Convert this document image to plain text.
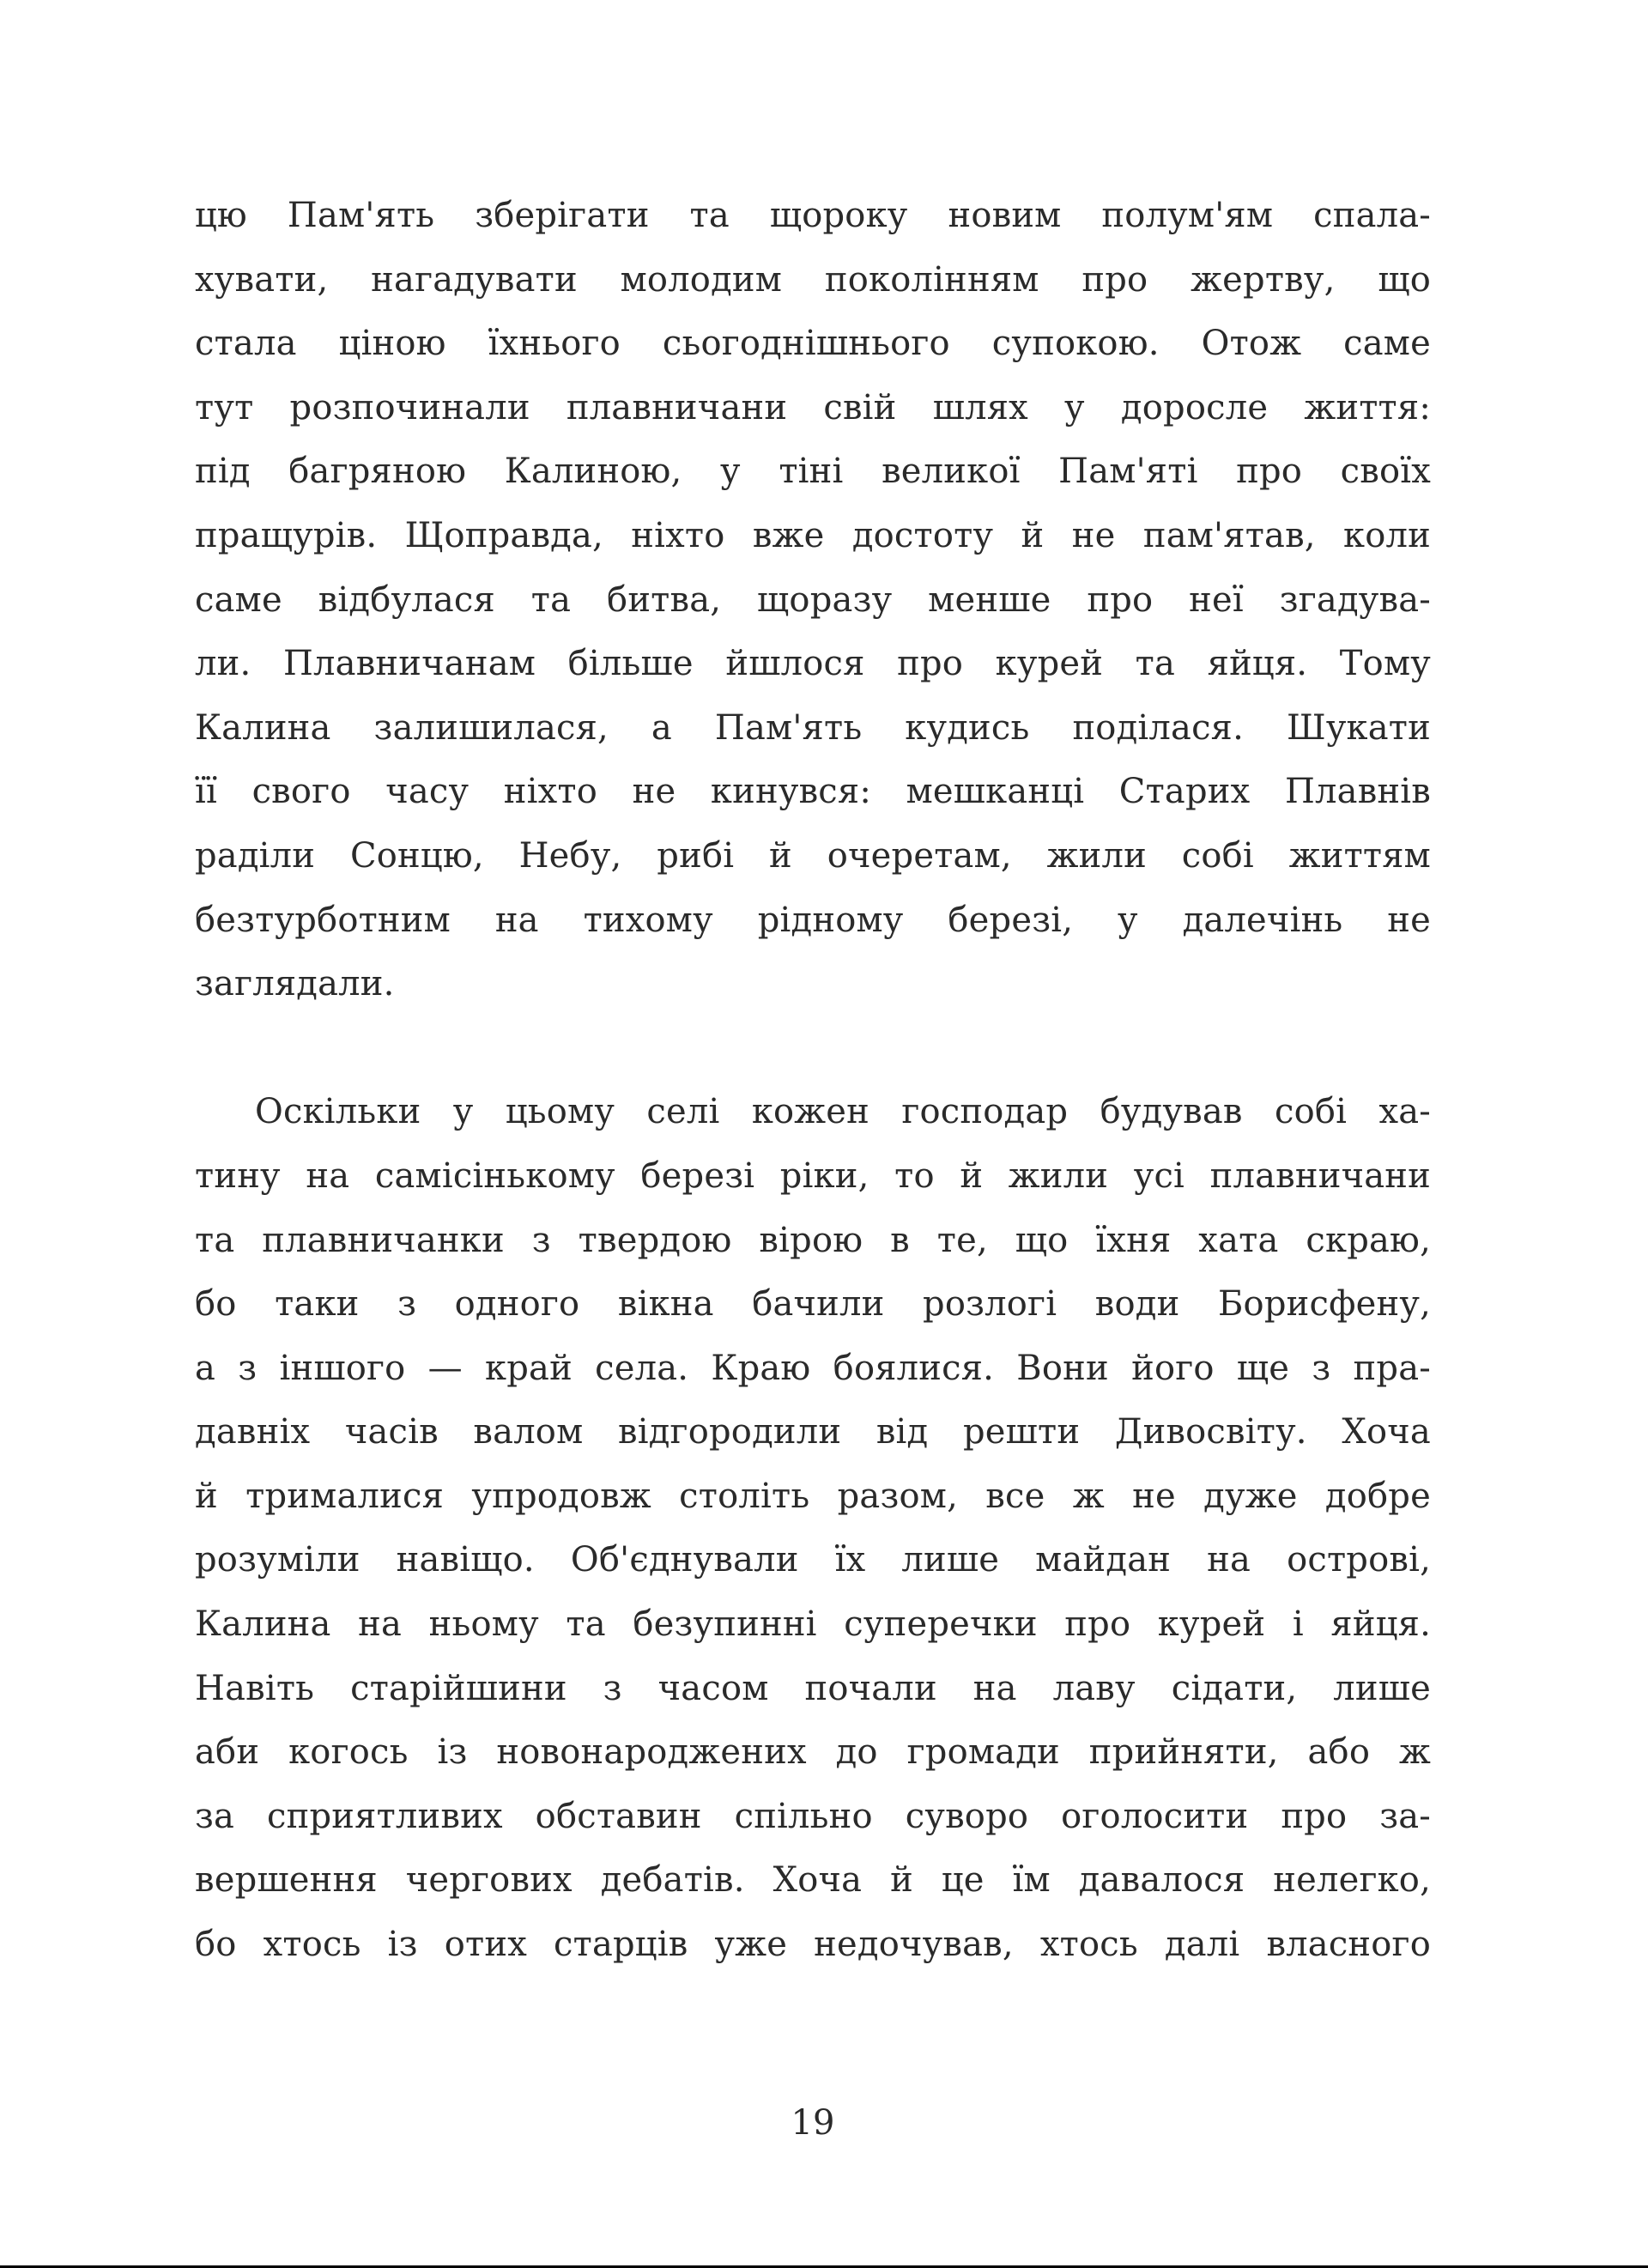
цю Пам'ять зберігати та щороку новим полум'ям спала-
хувати, нагадувати молодим поколінням про жертву, що
стала ціною їхнього сьогоднішнього супокою. Отож саме
тут розпочинали плавничани свій шлях у доросле життя:
під багряною Калиною, у тіні великої Пам'яті про своїх
пращурів. Щоправда, ніхто вже достоту й не пам'ятав, коли
саме відбулася та битва, щоразу менше про неї згадува-
ли. Плавничанам більше йшлося про курей та яйця. Тому
Калина залишилася, а Пам'ять кудись поділася. Шукати
її свого часу ніхто не кинувся: мешканці Старих Плавнів
раділи Сонцю, Небу, рибі й очеретам, жили собі життям
безтурботним на тихому рідному березі, у далечінь не
заглядали.
Оскільки у цьому селі кожен господар будував собі ха-
тину на самісінькому березі ріки, то й жили усі плавничани
та плавничанки з твердою вірою в те, що їхня хата скраю,
бо таки з одного вікна бачили розлогі води Борисфену,
а з іншого — край села. Краю боялися. Вони його ще з пра-
давніх часів валом відгородили від решти Дивосвіту. Хоча
й трималися упродовж століть разом, все ж не дуже добре
розуміли навіщо. Об'єднували їх лише майдан на острові,
Калина на ньому та безупинні суперечки про курей і яйця.
Навіть старійшини з часом почали на лаву сідати, лише
аби когось із новонароджених до громади прийняти, або ж
за сприятливих обставин спільно суворо оголосити про за-
вершення чергових дебатів. Хоча й це їм давалося нелегко,
бо хтось із отих старців уже недочував, хтось далі власного
19
